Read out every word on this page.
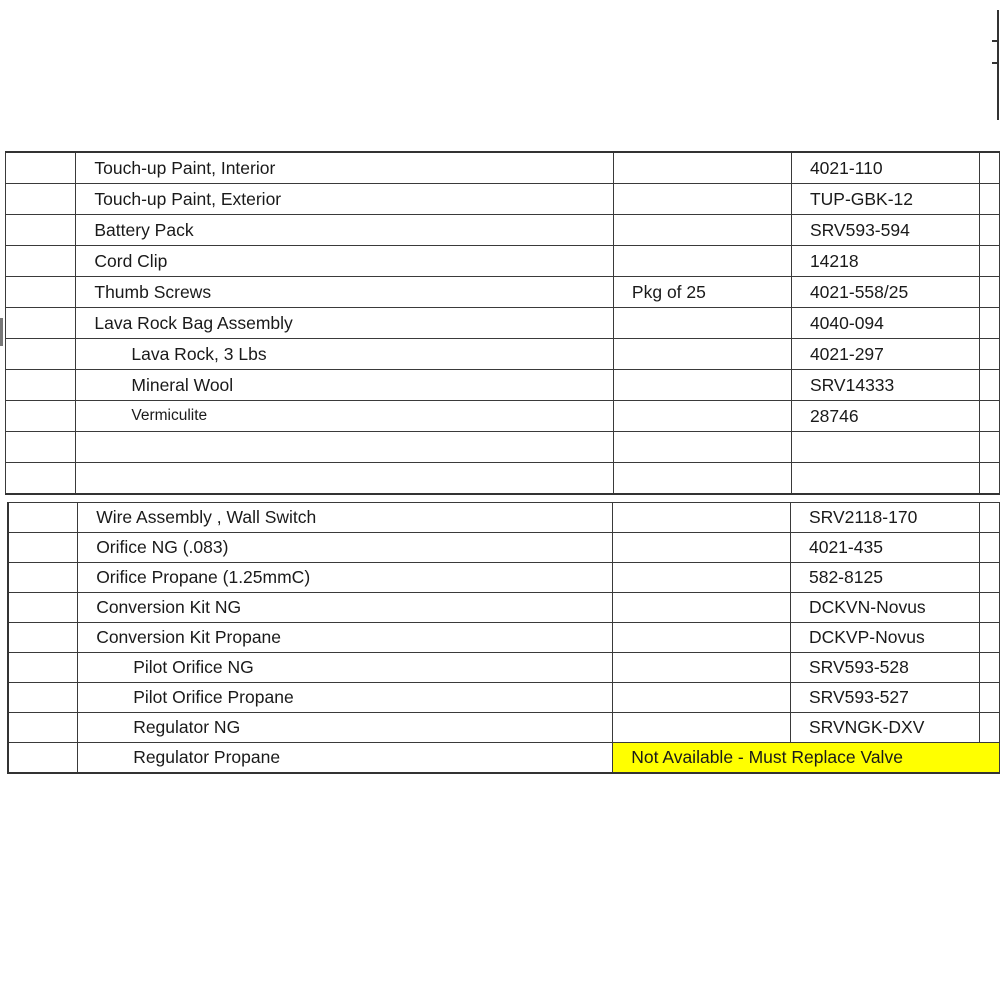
	Touch-up Paint, Interior		4021-110	
	Touch-up Paint, Exterior		TUP-GBK-12	
	Battery Pack		SRV593-594	
	Cord Clip		14218	
	Thumb Screws	Pkg of 25	4021-558/25	
	Lava Rock Bag Assembly		4040-094	
	Lava Rock, 3 Lbs		4021-297	
	Mineral Wool		SRV14333	
	Vermiculite		28746	

	Wire Assembly , Wall Switch		SRV2118-170	
	Orifice NG (.083)		4021-435	
	Orifice Propane (1.25mmC)		582-8125	
	Conversion Kit NG		DCKVN-Novus	
	Conversion Kit Propane		DCKVP-Novus	
	Pilot Orifice NG		SRV593-528	
	Pilot Orifice Propane		SRV593-527	
	Regulator NG		SRVNGK-DXV	
	Regulator Propane	Not Available - Must Replace Valve		
